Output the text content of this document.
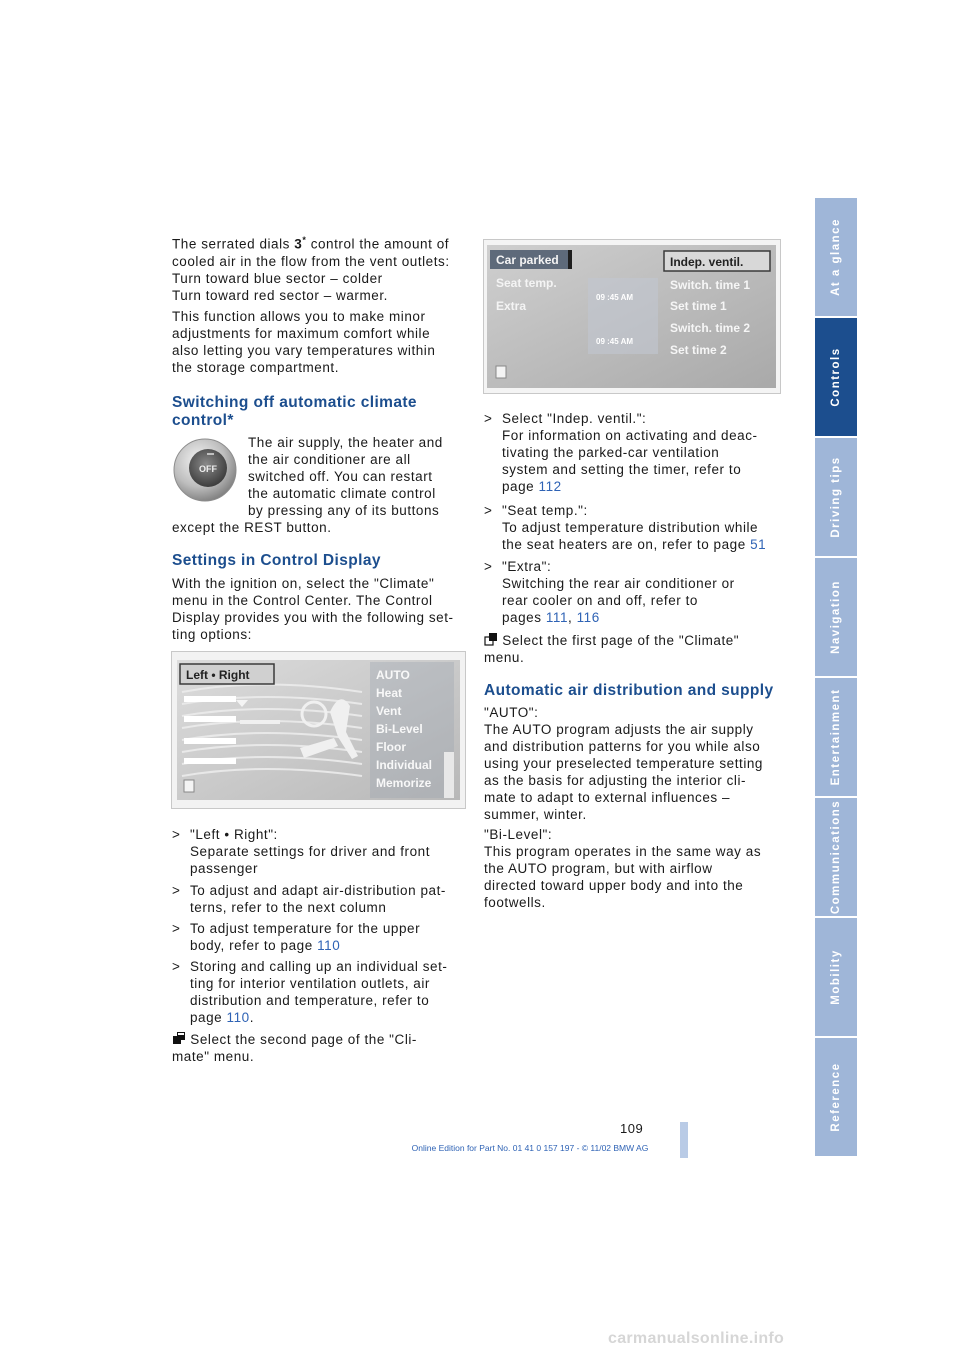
At a glance
Controls
Driving tips
Navigation
Entertainment
Communications
Mobility
Reference

The serrated dials 3* control the amount of
cooled air in the flow from the vent outlets:

Turn toward blue sector – colder
Turn toward red sector – warmer.

This function allows you to make minor
adjustments for maximum comfort while
also letting you vary temperatures within
the storage compartment.

Switching off automatic climate
control*
OFF

The air supply, the heater and
the air conditioner are all
switched off. You can restart
the automatic climate control
by pressing any of its buttons

except the REST button.

Settings in Control Display

With the ignition on, select the "Climate"
menu in the Control Center. The Control
Display provides you with the following set-
ting options:

Left • Right	AUTO
Heat
Vent
Bi-Level
Floor
Individual
Memorize
> "Left • Right":
Separate settings for driver and front
passenger
> To adjust and adapt air-distribution pat-
terns, refer to the next column
> To adjust temperature for the upper
body, refer to page 110
> Storing and calling up an individual set-
ting for interior ventilation outlets, air
distribution and temperature, refer to
page 110.

Select the second page of the "Cli-
mate" menu.

Car parked
Seat temp.
Extra
Indep. ventil.
09 :45 AM
09 :45 AM
Switch. time 1
Set time 1
Switch. time 2
Set time 2
> Select "Indep. ventil.":
For information on activating and deac-
tivating the parked-car ventilation
system and setting the timer, refer to
page 112
> "Seat temp.":
To adjust temperature distribution while
the seat heaters are on, refer to page 51
> "Extra":
Switching the rear air conditioner or
rear cooler on and off, refer to
pages 111, 116

Select the first page of the "Climate"
menu.

Automatic air distribution and supply

"AUTO":
The AUTO program adjusts the air supply
and distribution patterns for you while also
using your preselected temperature setting
as the basis for adjusting the interior cli-
mate to adapt to external influences –
summer, winter.

"Bi-Level":
This program operates in the same way as
the AUTO program, but with airflow
directed toward upper body and into the
footwells.

109
Online Edition for Part No. 01 41 0 157 197 - © 11/02 BMW AG
carmanualsonline.info
